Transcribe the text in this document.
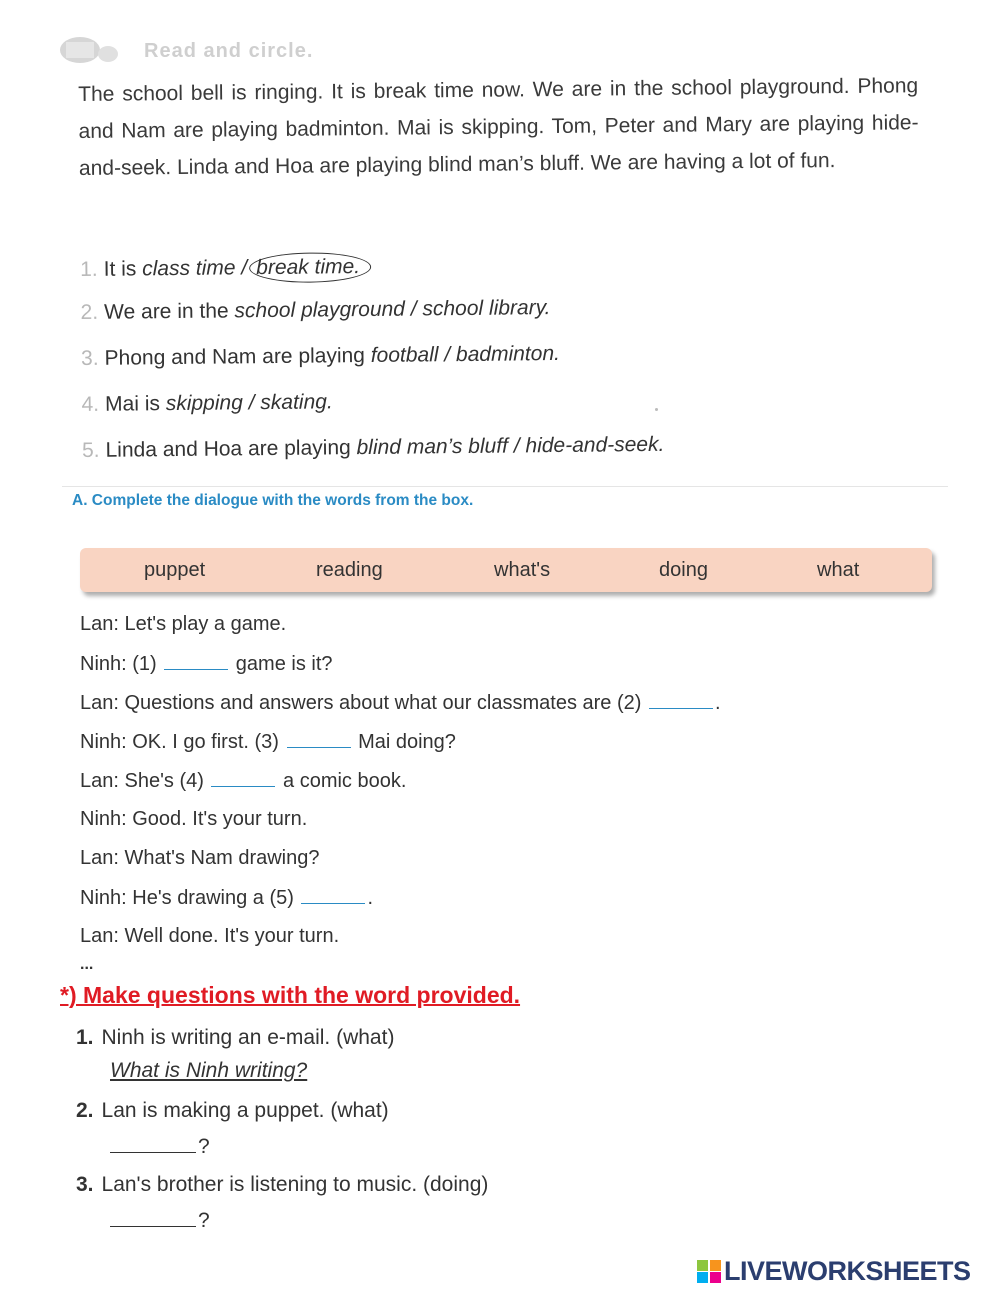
Read and circle.
The school bell is ringing. It is break time now. We are in the school playground. Phong and Nam are playing badminton. Mai is skipping. Tom, Peter and Mary are playing hide-and-seek. Linda and Hoa are playing blind man’s bluff. We are having a lot of fun.
1. It is class time / break time.
2. We are in the school playground / school library.
3. Phong and Nam are playing football / badminton.
4. Mai is skipping / skating.
5. Linda and Hoa are playing blind man’s bluff / hide-and-seek.
A. Complete the dialogue with the words from the box.
puppet	reading	what's	doing	what
Lan: Let's play a game.
Ninh: (1)	game is it?
Lan: Questions and answers about what our classmates are (2)	.
Ninh: OK. I go first. (3)	Mai doing?
Lan: She's (4)	a comic book.
Ninh: Good. It's your turn.
Lan: What's Nam drawing?
Ninh: He's drawing a (5)	.
Lan: Well done. It's your turn.
...
*) Make questions with the word provided.
1. Ninh is writing an e-mail. (what)
What is Ninh writing?
2. Lan is making a puppet. (what)
?
3. Lan's brother is listening to music. (doing)
?
LIVEWORKSHEETS
